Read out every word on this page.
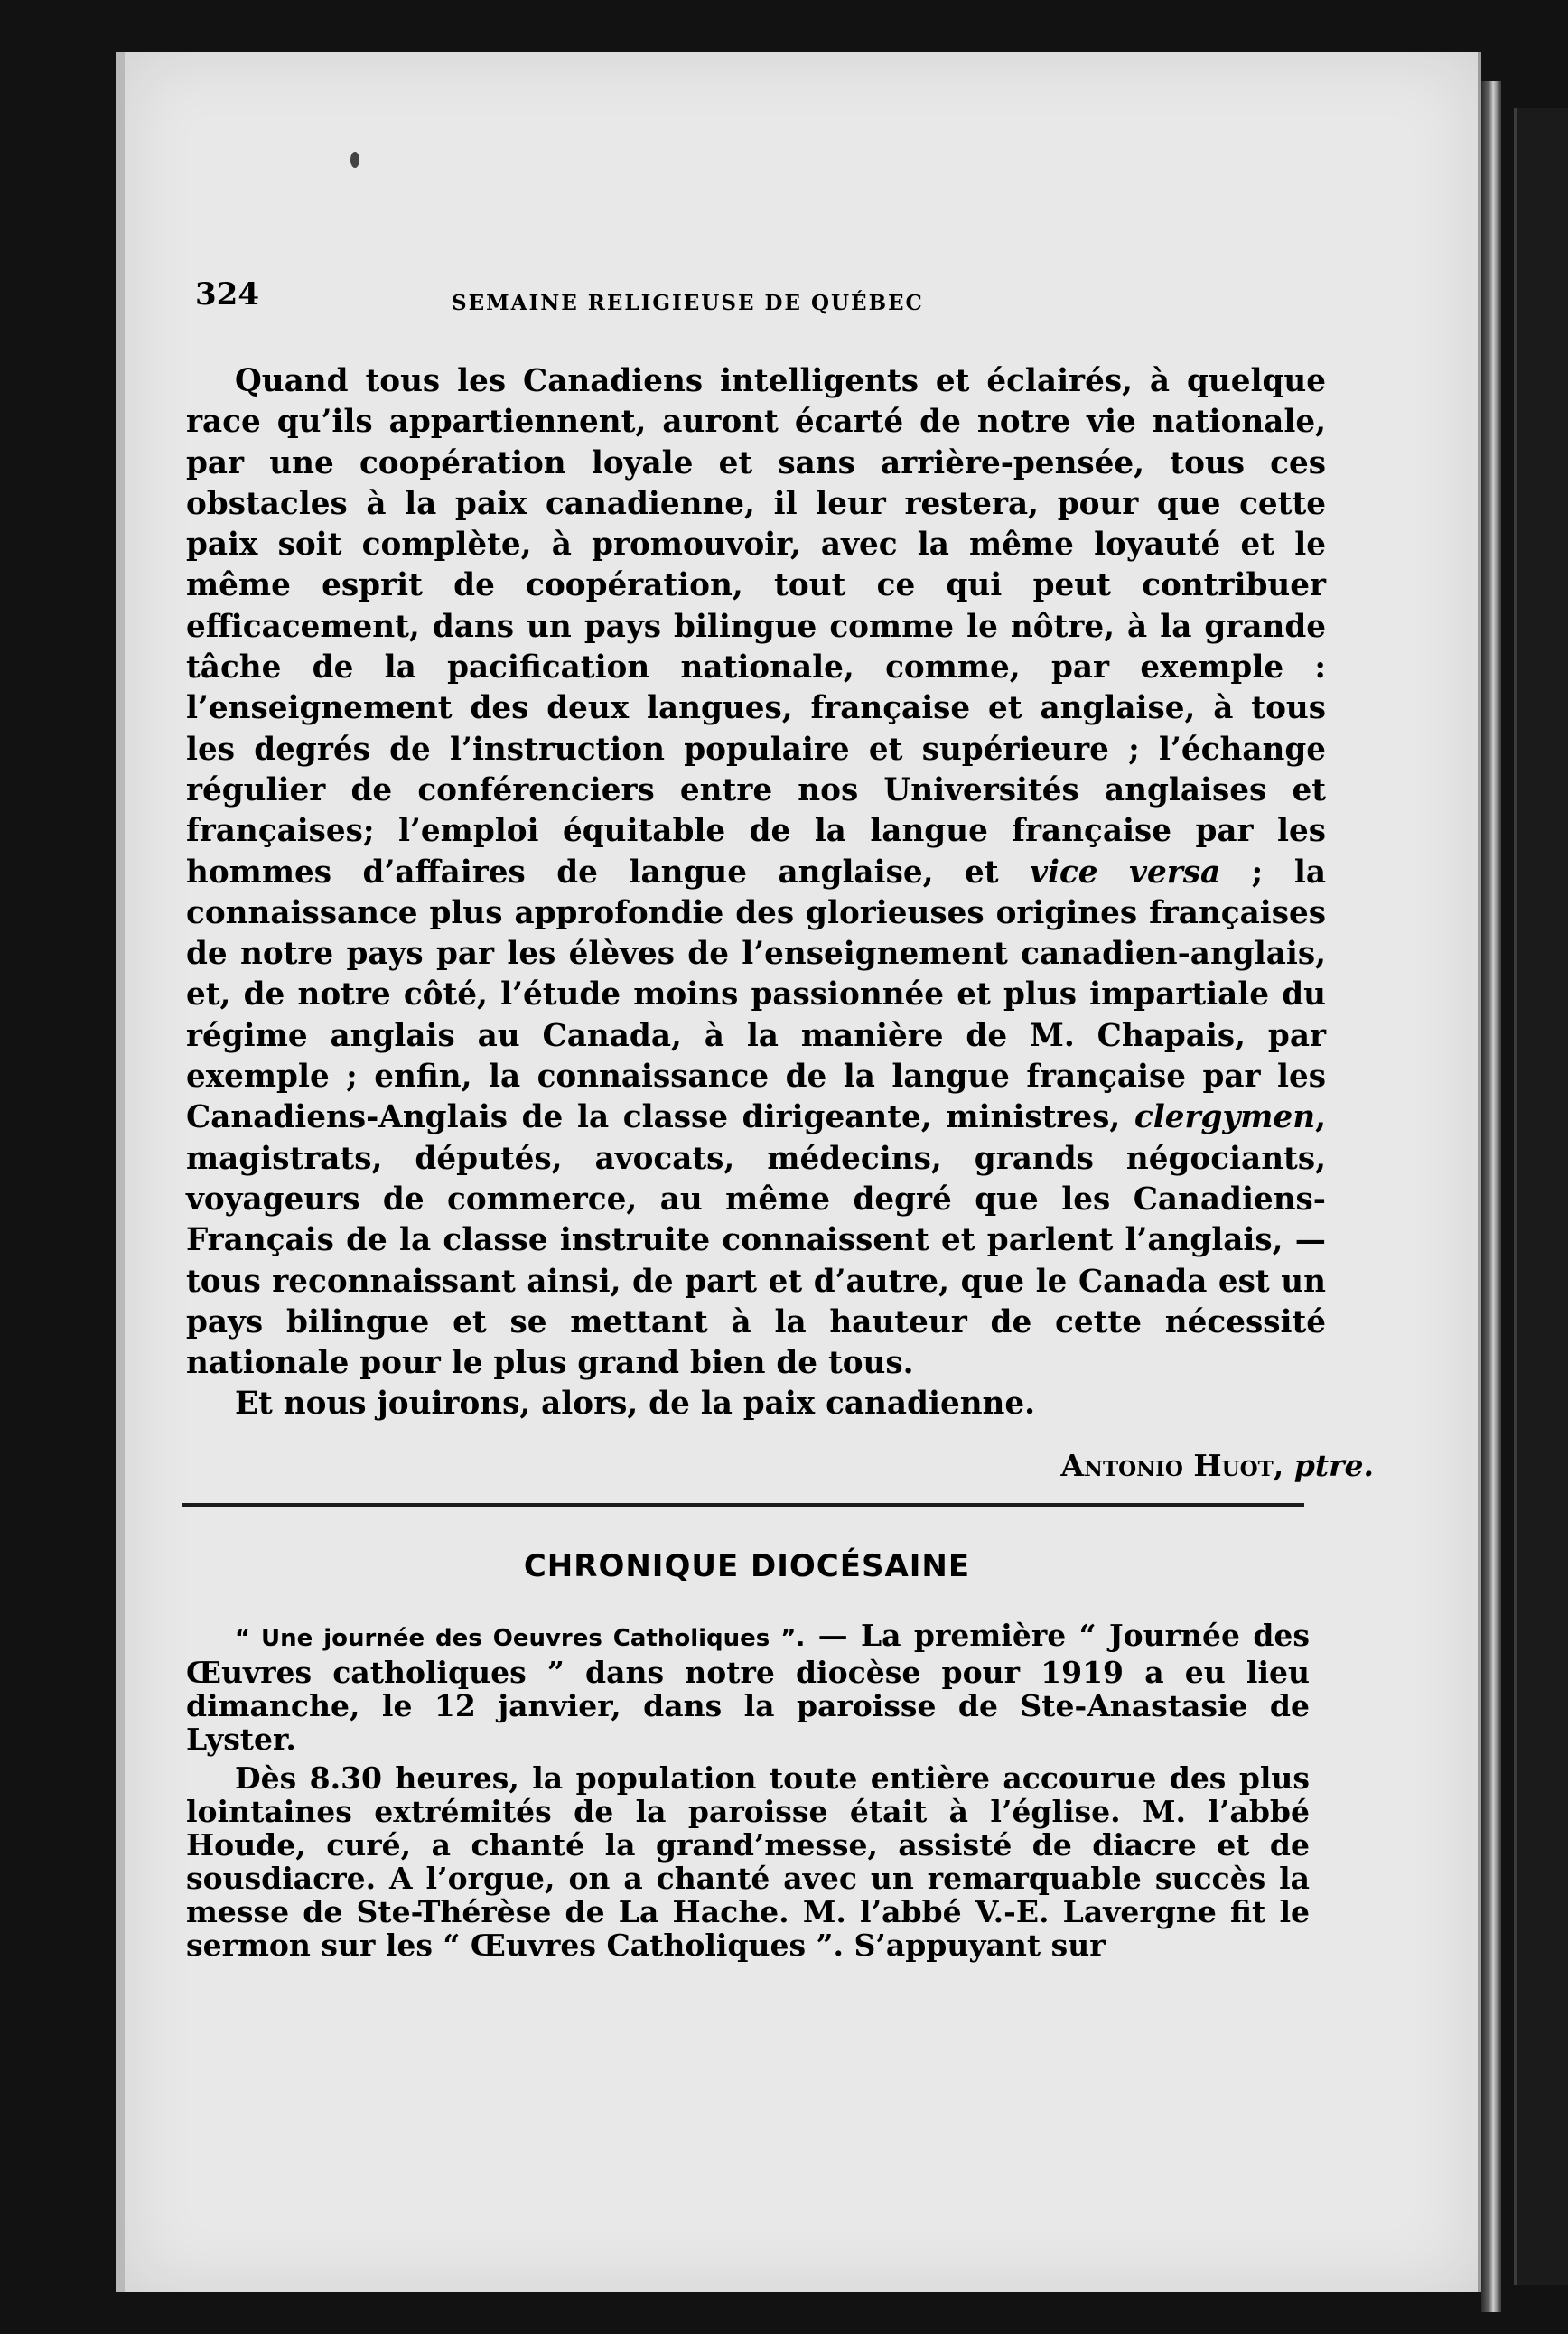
324	SEMAINE RELIGIEUSE DE QUÉBEC

Quand tous les Canadiens intelligents et éclairés, à quelque race qu’ils appartiennent, auront écarté de notre vie nationale, par une coopération loyale et sans arrière-pensée, tous ces obstacles à la paix canadienne, il leur restera, pour que cette paix soit complète, à promouvoir, avec la même loyauté et le même esprit de coopération, tout ce qui peut contribuer efficacement, dans un pays bilingue comme le nôtre, à la grande tâche de la pacification nationale, comme, par exemple : l’enseignement des deux langues, française et anglaise, à tous les degrés de l’instruction populaire et supérieure ; l’échange régulier de conférenciers entre nos Universités anglaises et françaises; l’emploi équitable de la langue française par les hommes d’affaires de langue anglaise, et vice versa ; la connaissance plus approfondie des glorieuses origines françaises de notre pays par les élèves de l’enseignement canadien-anglais, et, de notre côté, l’étude moins passionnée et plus impartiale du régime anglais au Canada, à la manière de M. Chapais, par exemple ; enfin, la connaissance de la langue française par les Canadiens-Anglais de la classe dirigeante, ministres, clergymen, magistrats, députés, avocats, médecins, grands négociants, voyageurs de commerce, au même degré que les Canadiens-Français de la classe instruite connaissent et parlent l’anglais, — tous reconnaissant ainsi, de part et d’autre, que le Canada est un pays bilingue et se mettant à la hauteur de cette nécessité nationale pour le plus grand bien de tous.

Et nous jouirons, alors, de la paix canadienne.

Antonio Huot, ptre.
CHRONIQUE DIOCÉSAINE

“ Une journée des Oeuvres Catholiques ”. — La première “ Journée des Œuvres catholiques ” dans notre diocèse pour 1919 a eu lieu dimanche, le 12 janvier, dans la paroisse de Ste-Anastasie de Lyster.

Dès 8.30 heures, la population toute entière accourue des plus lointaines extrémités de la paroisse était à l’église. M. l’abbé Houde, curé, a chanté la grand’messe, assisté de diacre et de sousdiacre. A l’orgue, on a chanté avec un remarquable succès la messe de Ste-Thérèse de La Hache. M. l’abbé V.-E. Lavergne fit le sermon sur les “ Œuvres Catholiques ”. S’appuyant sur
